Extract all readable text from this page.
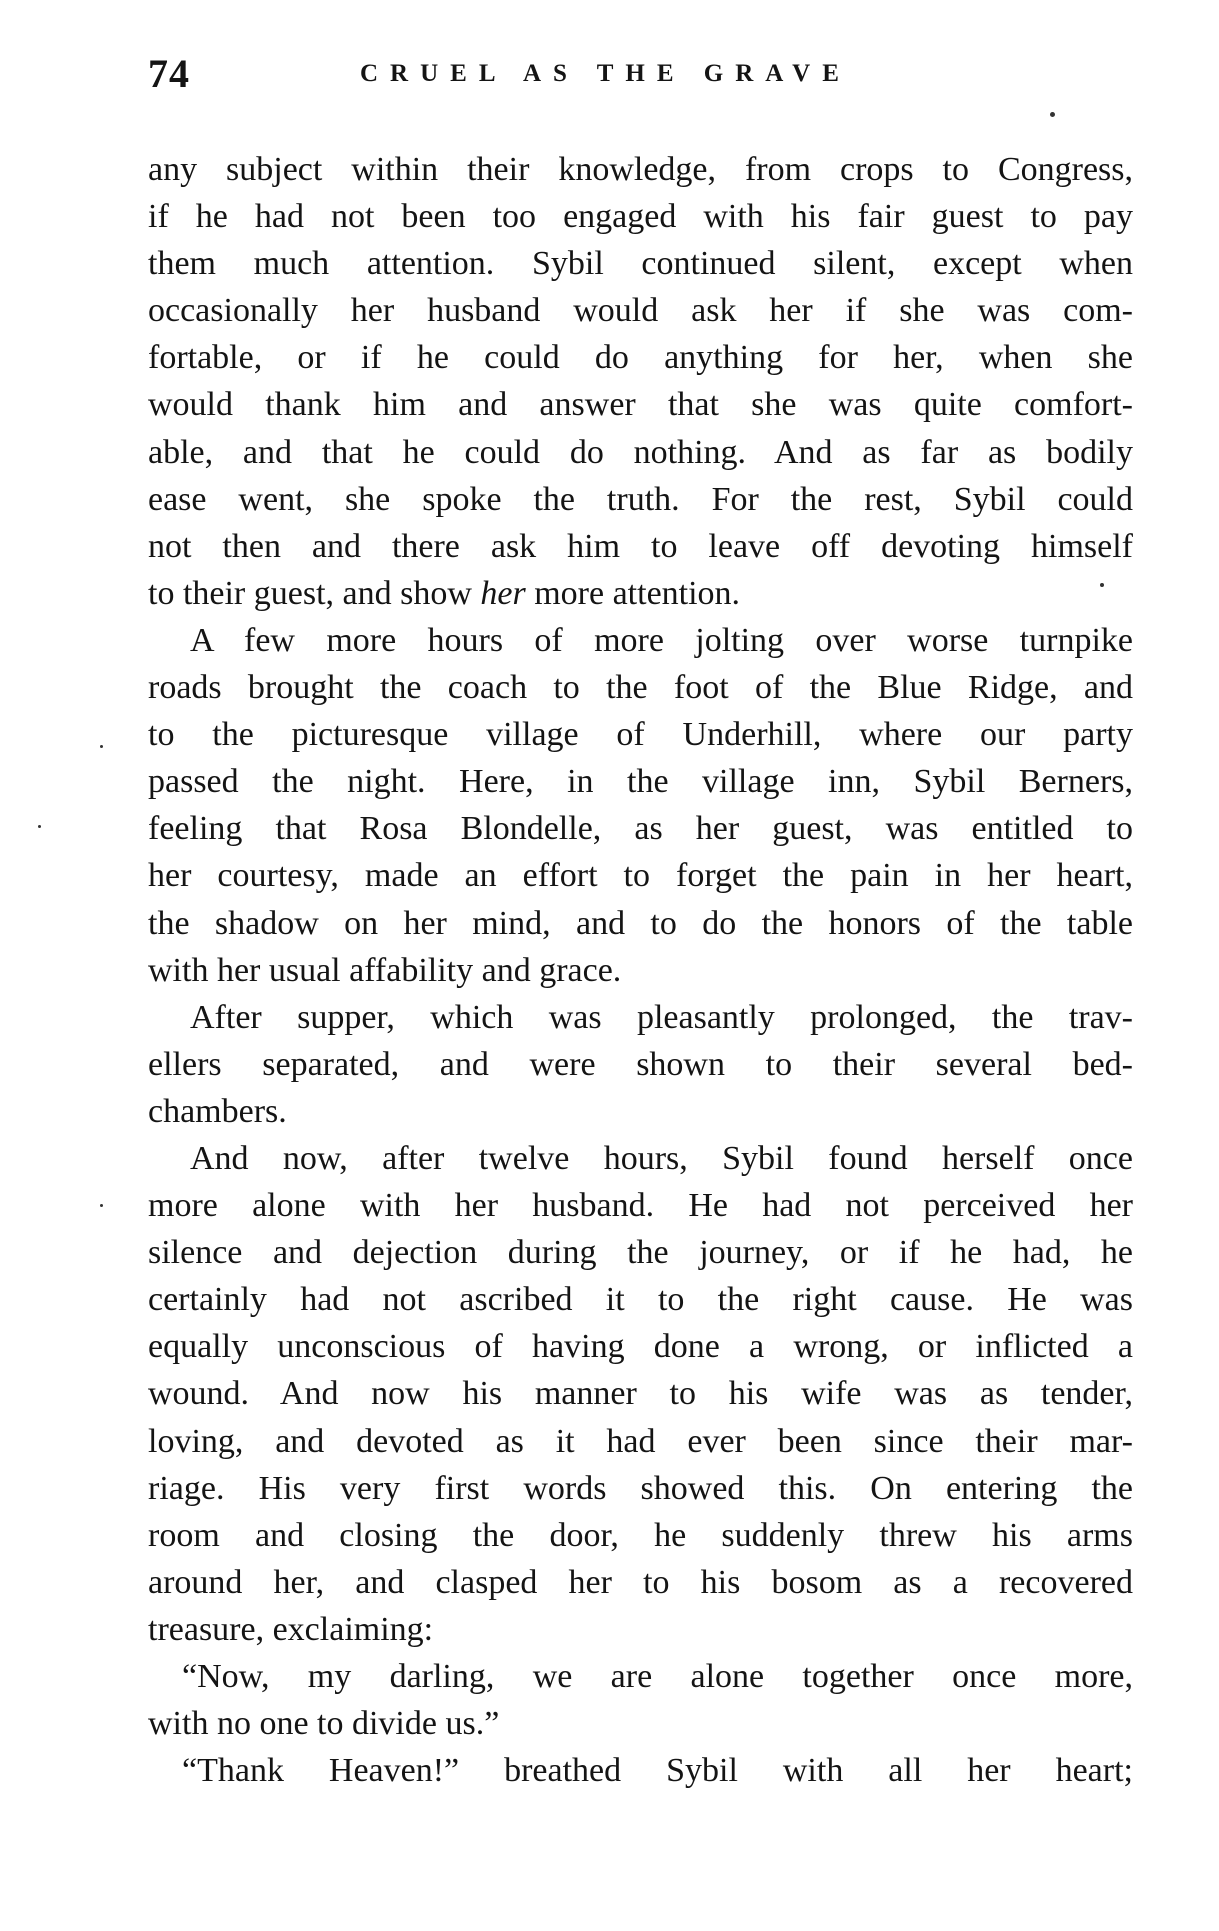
74	CRUEL AS THE GRAVE
any subject within their knowledge, from crops to Congress,
if he had not been too engaged with his fair guest to pay
them much attention. Sybil continued silent, except when
occasionally her husband would ask her if she was com-
fortable, or if he could do anything for her, when she
would thank him and answer that she was quite comfort-
able, and that he could do nothing. And as far as bodily
ease went, she spoke the truth. For the rest, Sybil could
not then and there ask him to leave off devoting himself
to their guest, and show her more attention.
A few more hours of more jolting over worse turnpike
roads brought the coach to the foot of the Blue Ridge, and
to the picturesque village of Underhill, where our party
passed the night. Here, in the village inn, Sybil Berners,
feeling that Rosa Blondelle, as her guest, was entitled to
her courtesy, made an effort to forget the pain in her heart,
the shadow on her mind, and to do the honors of the table
with her usual affability and grace.
After supper, which was pleasantly prolonged, the trav-
ellers separated, and were shown to their several bed-
chambers.
And now, after twelve hours, Sybil found herself once
more alone with her husband. He had not perceived her
silence and dejection during the journey, or if he had, he
certainly had not ascribed it to the right cause. He was
equally unconscious of having done a wrong, or inflicted a
wound. And now his manner to his wife was as tender,
loving, and devoted as it had ever been since their mar-
riage. His very first words showed this. On entering the
room and closing the door, he suddenly threw his arms
around her, and clasped her to his bosom as a recovered
treasure, exclaiming:
“Now, my darling, we are alone together once more,
with no one to divide us.”
“Thank Heaven!” breathed Sybil with all her heart;
